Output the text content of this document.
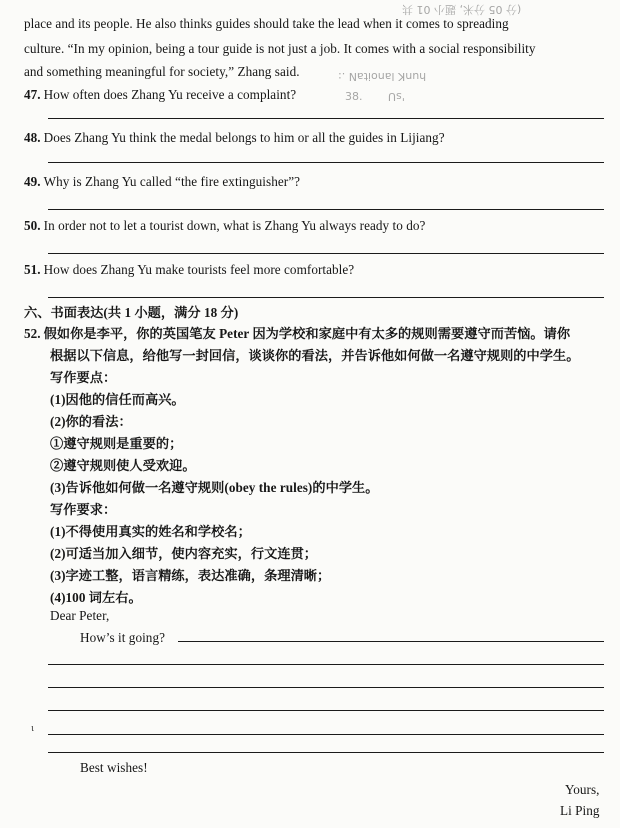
(分 05 分米, 题小 01 共
hunK lanoitaN .:
38. 'sU
place and its people. He also thinks guides should take the lead when it comes to spreading
culture. “In my opinion, being a tour guide is not just a job. It comes with a social responsibility
and something meaningful for society,” Zhang said.
47. How often does Zhang Yu receive a complaint?
48. Does Zhang Yu think the medal belongs to him or all the guides in Lijiang?
49. Why is Zhang Yu called “the fire extinguisher”?
50. In order not to let a tourist down, what is Zhang Yu always ready to do?
51. How does Zhang Yu make tourists feel more comfortable?
六、书面表达(共 1 小题，满分 18 分)
52. 假如你是李平，你的英国笔友 Peter 因为学校和家庭中有太多的规则需要遵守而苦恼。请你
根据以下信息，给他写一封回信，谈谈你的看法，并告诉他如何做一名遵守规则的中学生。
写作要点：
(1)因他的信任而高兴。
(2)你的看法：
①遵守规则是重要的；
②遵守规则使人受欢迎。
(3)告诉他如何做一名遵守规则(obey the rules)的中学生。
写作要求：
(1)不得使用真实的姓名和学校名；
(2)可适当加入细节，使内容充实，行文连贯；
(3)字迹工整，语言精练，表达准确，条理清晰；
(4)100 词左右。
Dear Peter,
How’s it going?
ι
Best wishes!
Yours,
Li Ping
